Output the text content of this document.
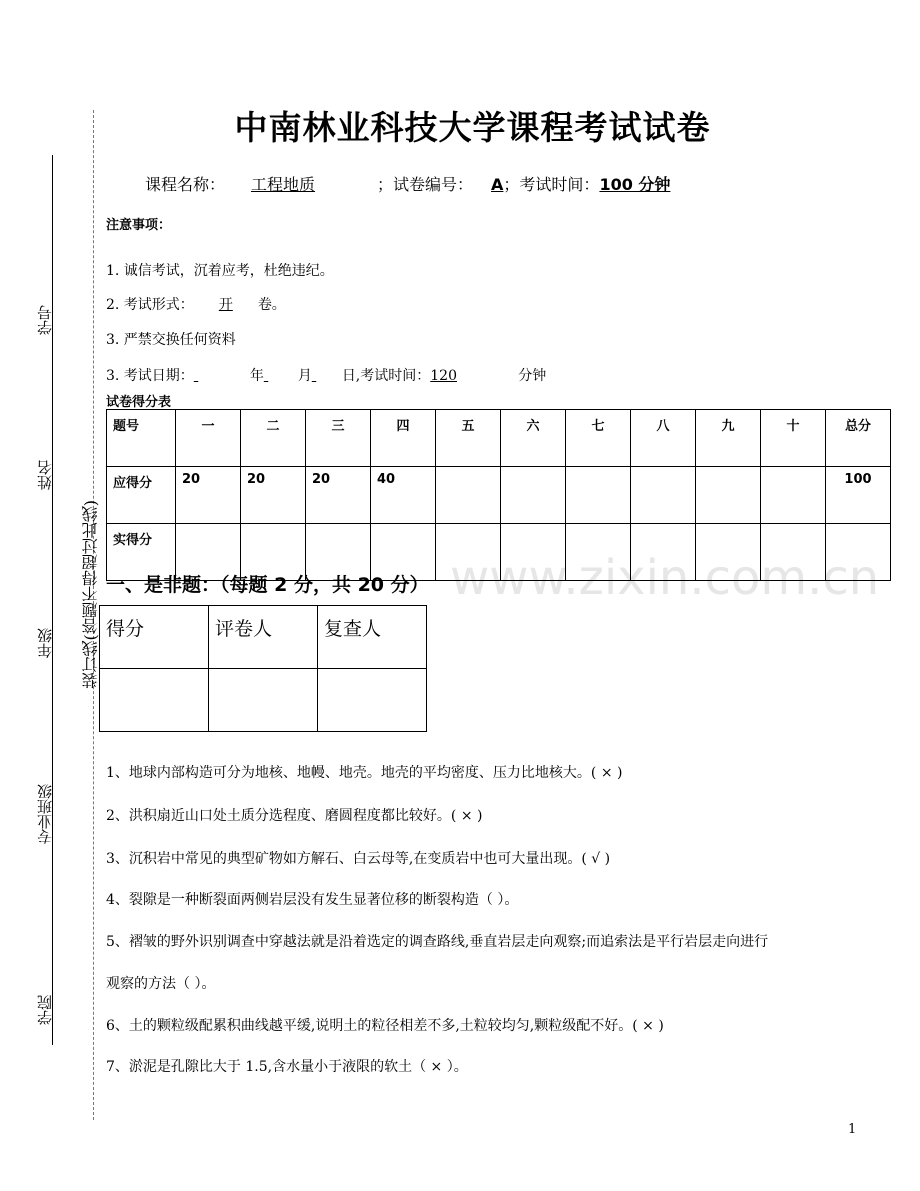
学号
姓名
年级
专业班级
学院
装订线(答题不得超过此线)	www.zixin.com.cn
中南林业科技大学课程考试试卷
课程名称： 工程地质	；试卷编号： A；考试时间：100 分钟
注意事项：
1. 诚信考试，沉着应考，杜绝违纪。
2. 考试形式： 开 卷。
3. 严禁交换任何资料
3. 考试日期：	年 月 日,考试时间：120	分钟
试卷得分表
题号	一	二	三	四	五	六	七	八	九	十	总分
应得分	20	20	20	40							100
实得分											
一、是非题：（每题 2 分，共 20 分）
得分	评卷人	复查人

1、地球内部构造可分为地核、地幔、地壳。地壳的平均密度、压力比地核大。( × )
2、洪积扇近山口处土质分选程度、磨圆程度都比较好。( × )
3、沉积岩中常见的典型矿物如方解石、白云母等,在变质岩中也可大量出现。( √ )
4、裂隙是一种断裂面两侧岩层没有发生显著位移的断裂构造（ ）。
5、褶皱的野外识别调查中穿越法就是沿着选定的调查路线,垂直岩层走向观察;而追索法是平行岩层走向进行
观察的方法（ ）。
6、土的颗粒级配累积曲线越平缓,说明土的粒径相差不多,土粒较均匀,颗粒级配不好。( × )
7、淤泥是孔隙比大于 1.5,含水量小于液限的软土（ × ）。
1
